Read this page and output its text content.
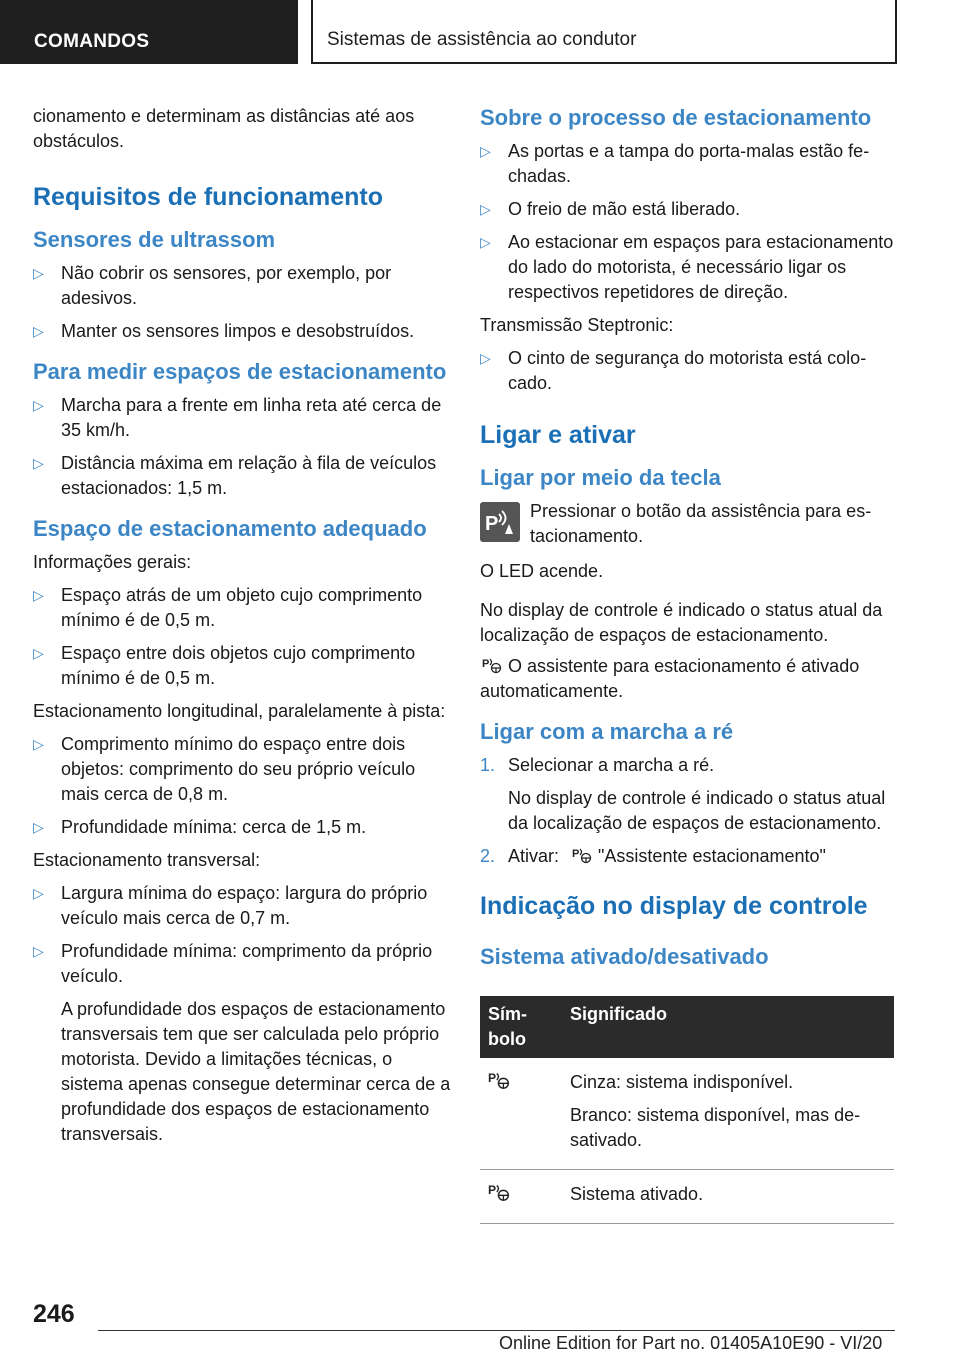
COMANDOS	Sistemas de assistência ao condutor

cionamento e determinam as distâncias até aos obstáculos.

Requisitos de funcionamento
Sensores de ultrassom
▷ Não cobrir os sensores, por exemplo, por adesivos.
▷ Manter os sensores limpos e desobstruídos.
Para medir espaços de estacionamento
▷ Marcha para a frente em linha reta até cerca de 35 km/h.
▷ Distância máxima em relação à fila de veículos estacionados: 1,5 m.
Espaço de estacionamento adequado

Informações gerais:

▷ Espaço atrás de um objeto cujo comprimento mínimo é de 0,5 m.
▷ Espaço entre dois objetos cujo comprimento mínimo é de 0,5 m.

Estacionamento longitudinal, paralelamente à pista:

▷ Comprimento mínimo do espaço entre dois objetos: comprimento do seu próprio veículo mais cerca de 0,8 m.
▷ Profundidade mínima: cerca de 1,5 m.

Estacionamento transversal:

▷ Largura mínima do espaço: largura do próprio veículo mais cerca de 0,7 m.
▷ Profundidade mínima: comprimento da próprio veículo.
A profundidade dos espaços de estacionamento transversais tem que ser calculada pelo próprio motorista. Devido a limitações técnicas, o sistema apenas consegue determinar cerca de a profundidade dos espaços de estacionamento transversais.
Sobre o processo de estacionamento
▷ As portas e a tampa do porta-malas estão fechadas.
▷ O freio de mão está liberado.
▷ Ao estacionar em espaços para estacionamento do lado do motorista, é necessário ligar os respectivos repetidores de direção.

Transmissão Steptronic:

▷ O cinto de segurança do motorista está colocado.
Ligar e ativar
Ligar por meio da tecla
P

Pressionar o botão da assistência para estacionamento.

O LED acende.

No display de controle é indicado o status atual da localização de espaços de estacionamento.

P O assistente para estacionamento é ativado automaticamente.

Ligar com a marcha a ré
1. Selecionar a marcha a ré.
No display de controle é indicado o status atual da localização de espaços de estacionamento.
2. Ativar: P "Assistente estacionamento"
Indicação no display de controle
Sistema ativado/desativado
Símbolo	Significado

P	Cinza: sistema indisponível.

Branco: sistema disponível, mas desativado.

P	Sistema ativado.

246
Online Edition for Part no. 01405A10E90 - VI/20
